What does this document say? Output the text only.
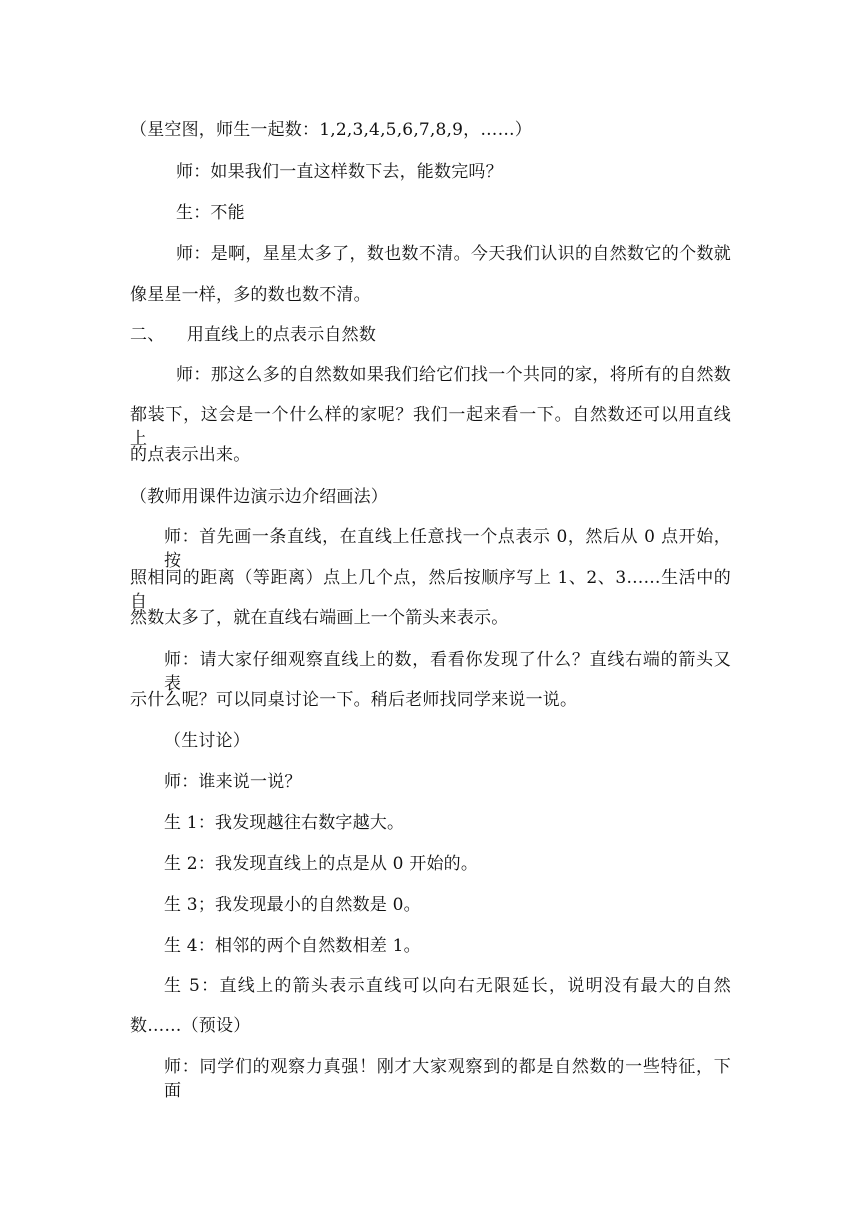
（星空图，师生一起数：1,2,3,4,5,6,7,8,9，……）
师：如果我们一直这样数下去，能数完吗？
生：不能
师：是啊，星星太多了，数也数不清。今天我们认识的自然数它的个数就
像星星一样，多的数也数不清。
二、    用直线上的点表示自然数
师：那这么多的自然数如果我们给它们找一个共同的家，将所有的自然数
都装下，这会是一个什么样的家呢？我们一起来看一下。自然数还可以用直线上
的点表示出来。
（教师用课件边演示边介绍画法）
师：首先画一条直线，在直线上任意找一个点表示 0，然后从 0 点开始，按
照相同的距离（等距离）点上几个点，然后按顺序写上 1、2、3……生活中的自
然数太多了，就在直线右端画上一个箭头来表示。
师：请大家仔细观察直线上的数，看看你发现了什么？直线右端的箭头又表
示什么呢？可以同桌讨论一下。稍后老师找同学来说一说。
（生讨论）
师：谁来说一说？
生 1：我发现越往右数字越大。
生 2：我发现直线上的点是从 0 开始的。
生 3；我发现最小的自然数是 0。
生 4：相邻的两个自然数相差 1。
生 5：直线上的箭头表示直线可以向右无限延长，说明没有最大的自然
数……（预设）
师：同学们的观察力真强！刚才大家观察到的都是自然数的一些特征，下面
